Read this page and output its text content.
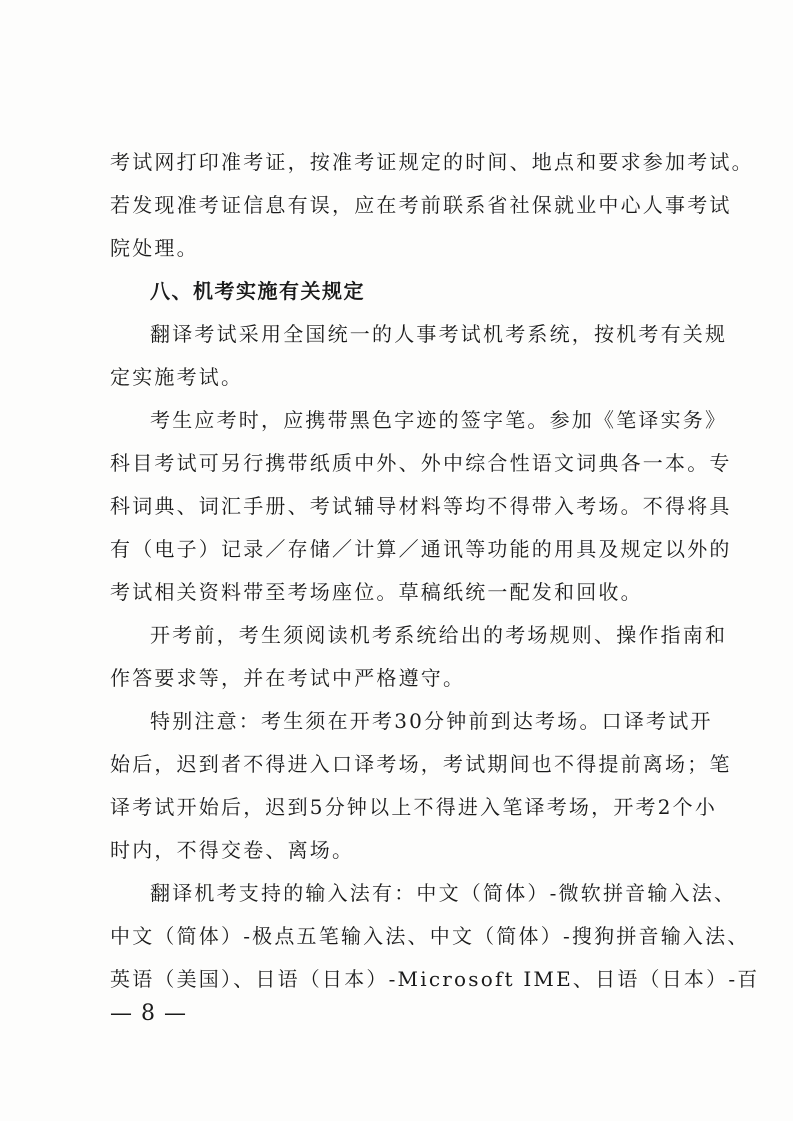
考试网打印准考证，按准考证规定的时间、地点和要求参加考试。
若发现准考证信息有误，应在考前联系省社保就业中心人事考试
院处理。
八、机考实施有关规定
翻译考试采用全国统一的人事考试机考系统，按机考有关规
定实施考试。
考生应考时，应携带黑色字迹的签字笔。参加《笔译实务》
科目考试可另行携带纸质中外、外中综合性语文词典各一本。专
科词典、词汇手册、考试辅导材料等均不得带入考场。不得将具
有（电子）记录／存储／计算／通讯等功能的用具及规定以外的
考试相关资料带至考场座位。草稿纸统一配发和回收。
开考前，考生须阅读机考系统给出的考场规则、操作指南和
作答要求等，并在考试中严格遵守。
特别注意：考生须在开考30分钟前到达考场。口译考试开
始后，迟到者不得进入口译考场，考试期间也不得提前离场；笔
译考试开始后，迟到5分钟以上不得进入笔译考场，开考2个小
时内，不得交卷、离场。
翻译机考支持的输入法有：中文（简体）-微软拼音输入法、
中文（简体）-极点五笔输入法、中文（简体）-搜狗拼音输入法、
英语（美国）、日语（日本）-Microsoft IME、日语（日本）-百
— 8 —
